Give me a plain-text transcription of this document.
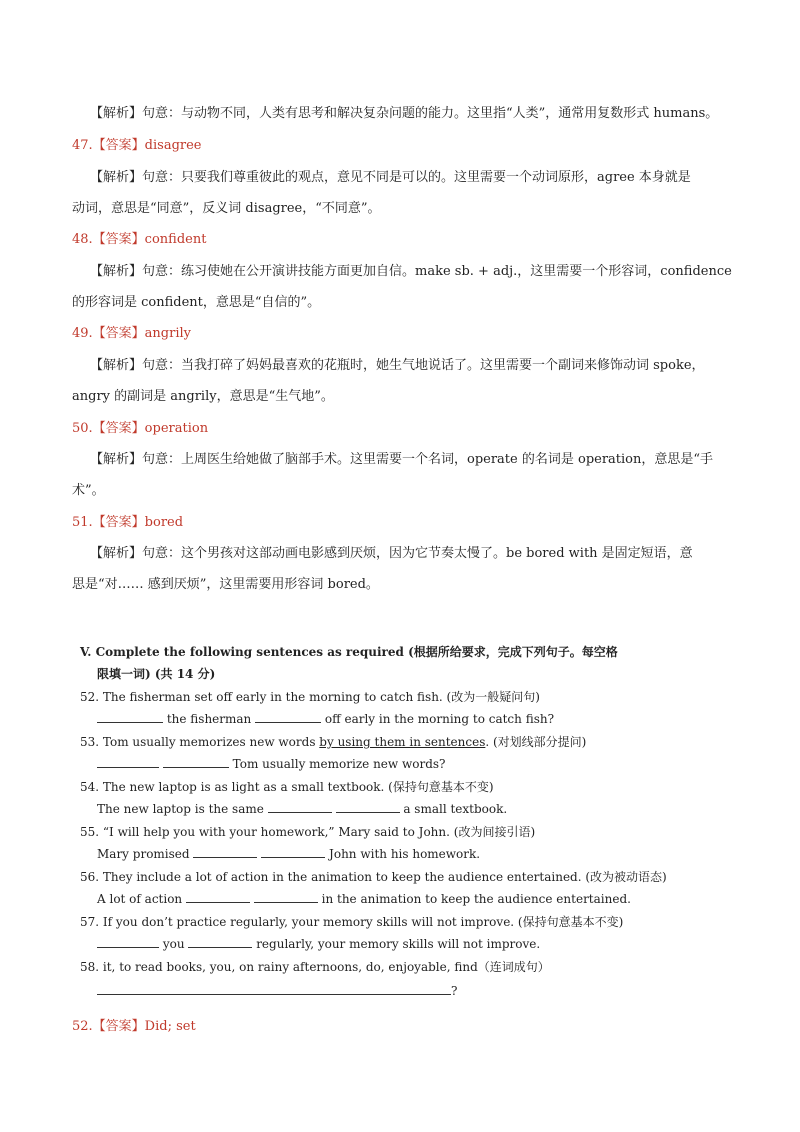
【解析】句意：与动物不同，人类有思考和解决复杂问题的能力。这里指“人类”，通常用复数形式 humans。
47.【答案】disagree
【解析】句意：只要我们尊重彼此的观点，意见不同是可以的。这里需要一个动词原形，agree 本身就是
动词，意思是“同意”，反义词 disagree，“不同意”。
48.【答案】confident
【解析】句意：练习使她在公开演讲技能方面更加自信。make sb. + adj.，这里需要一个形容词，confidence
的形容词是 confident，意思是“自信的”。
49.【答案】angrily
【解析】句意：当我打碎了妈妈最喜欢的花瓶时，她生气地说话了。这里需要一个副词来修饰动词 spoke，
angry 的副词是 angrily，意思是“生气地”。
50.【答案】operation
【解析】句意：上周医生给她做了脑部手术。这里需要一个名词，operate 的名词是 operation，意思是“手
术”。
51.【答案】bored
【解析】句意：这个男孩对这部动画电影感到厌烦，因为它节奏太慢了。be bored with 是固定短语，意
思是“对…… 感到厌烦”，这里需要用形容词 bored。
V. Complete the following sentences as required (根据所给要求，完成下列句子。每空格
限填一词) (共 14 分)
52. The fisherman set off early in the morning to catch fish. (改为一般疑问句)
the fisherman	off early in the morning to catch fish?
53. Tom usually memorizes new words by using them in sentences. (对划线部分提问)
Tom usually memorize new words?
54. The new laptop is as light as a small textbook. (保持句意基本不变)
The new laptop is the same	a small textbook.
55. “I will help you with your homework,” Mary said to John. (改为间接引语)
Mary promised	John with his homework.
56. They include a lot of action in the animation to keep the audience entertained. (改为被动语态)
A lot of action	in the animation to keep the audience entertained.
57. If you don’t practice regularly, your memory skills will not improve. (保持句意基本不变)
you	regularly, your memory skills will not improve.
58. it, to read books, you, on rainy afternoons, do, enjoyable, find（连词成句）
?
52.【答案】Did; set
